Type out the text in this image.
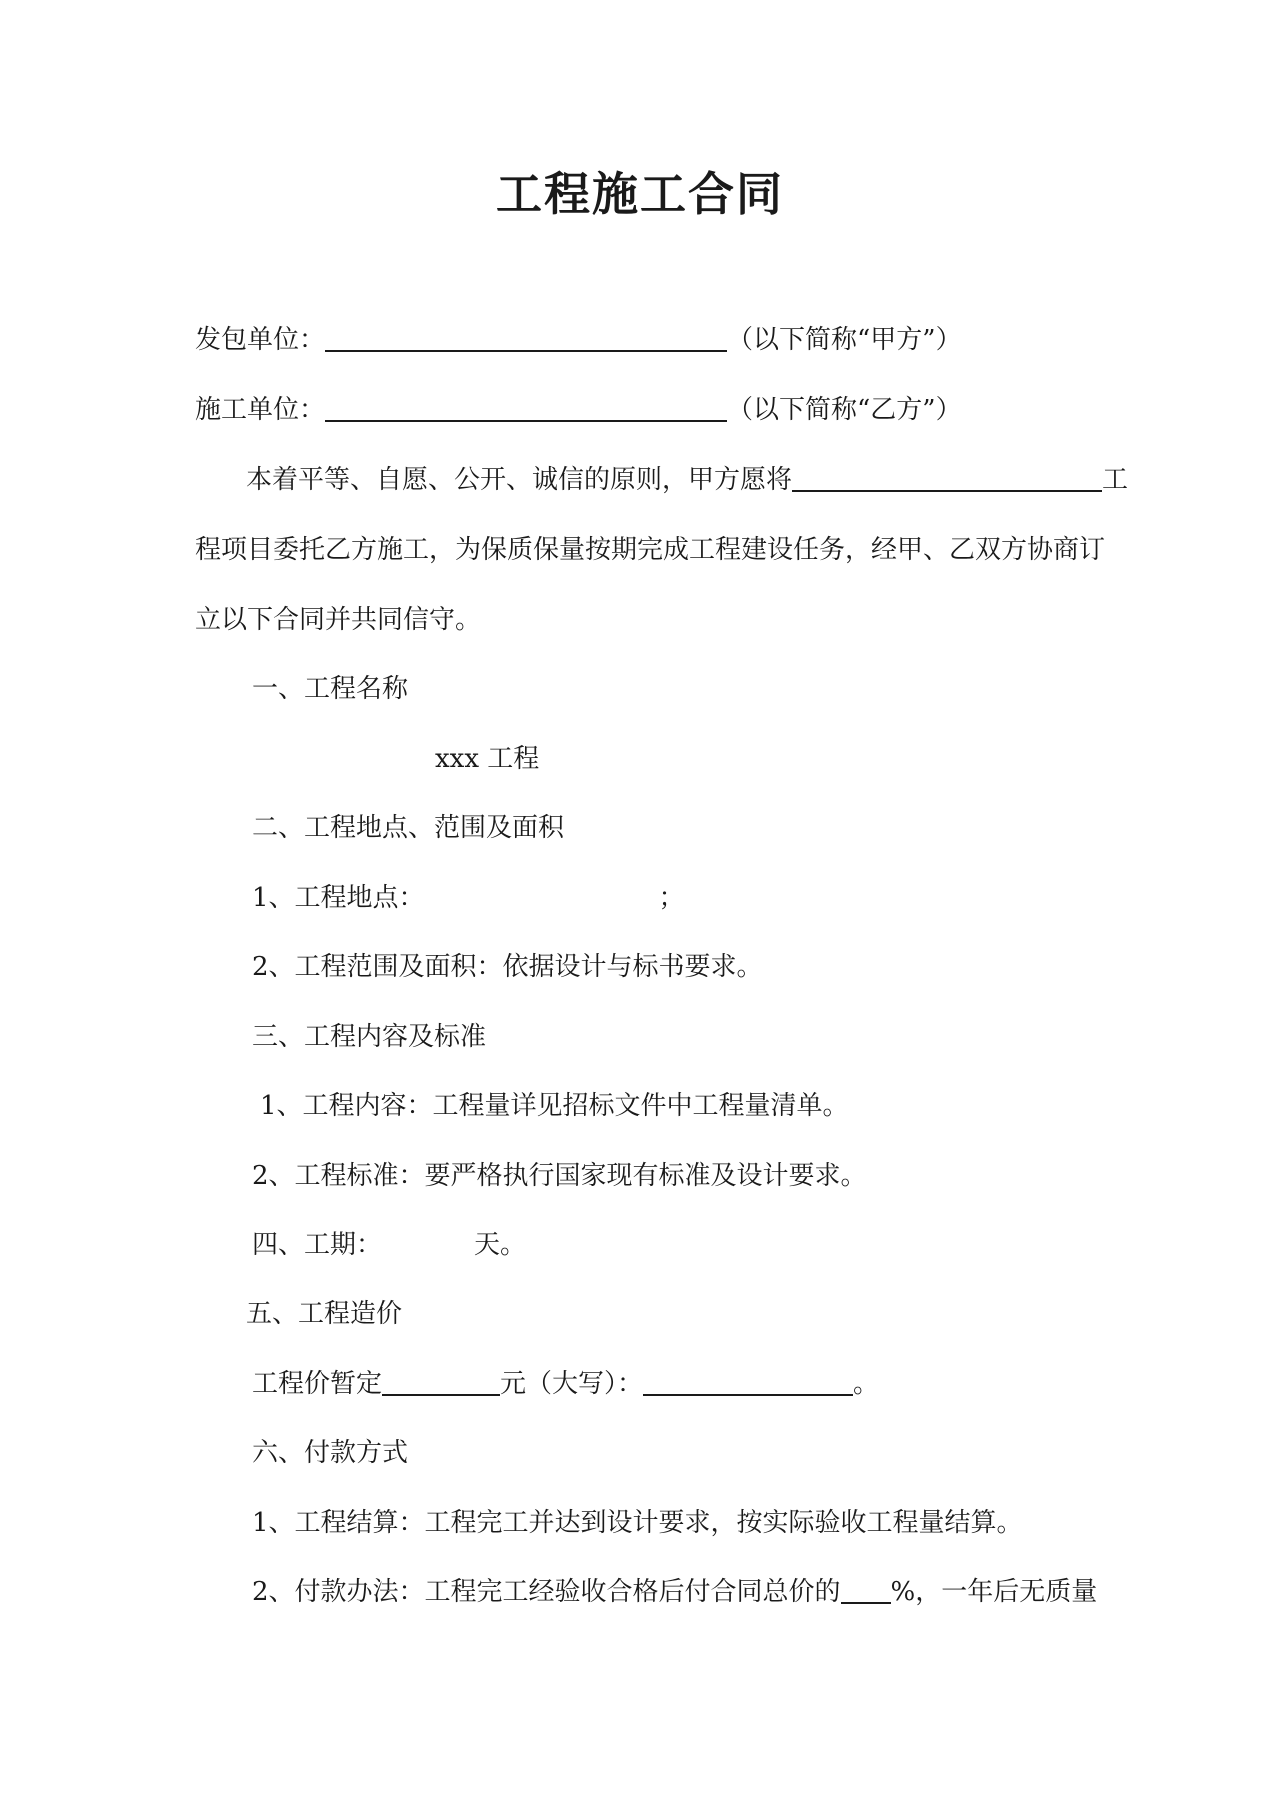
工程施工合同
发包单位：	（以下简称“甲方”）
施工单位：	（以下简称“乙方”）
本着平等、自愿、公开、诚信的原则，甲方愿将	工
程项目委托乙方施工，为保质保量按期完成工程建设任务，经甲、乙双方协商订
立以下合同并共同信守。
一、工程名称
xxx 工程
二、工程地点、范围及面积
1、工程地点：	；
2、工程范围及面积：依据设计与标书要求。
三、工程内容及标准
1、工程内容：工程量详见招标文件中工程量清单。
2、工程标准：要严格执行国家现有标准及设计要求。
四、工期：	天。
五、工程造价
工程价暂定	元（大写）：	。
六、付款方式
1、工程结算：工程完工并达到设计要求，按实际验收工程量结算。
2、付款办法：工程完工经验收合格后付合同总价的 %，一年后无质量
